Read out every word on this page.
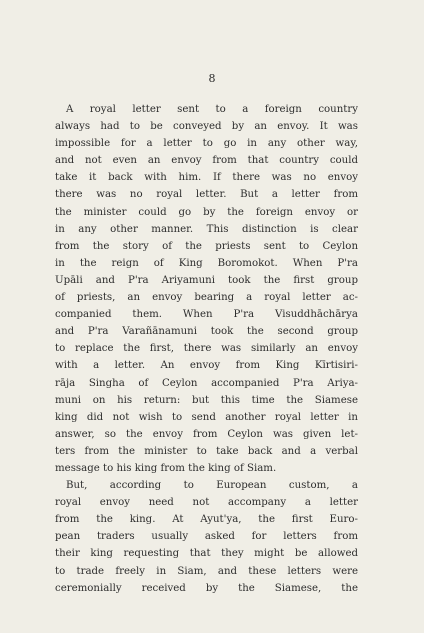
8
A royal letter sent to a foreign country
always had to be conveyed by an envoy. It was
impossible for a letter to go in any other way,
and not even an envoy from that country could
take it back with him. If there was no envoy
there was no royal letter. But a letter from
the minister could go by the foreign envoy or
in any other manner. This distinction is clear
from the story of the priests sent to Ceylon
in the reign of King Boromokot. When P'ra
Upāli and P'ra Ariyamuni took the first group
of priests, an envoy bearing a royal letter ac-
companied them. When P'ra Visuddhāchārya
and P'ra Varañānamuni took the second group
to replace the first, there was similarly an envoy
with a letter. An envoy from King Kīrtisiri-
rāja Singha of Ceylon accompanied P'ra Ariya-
muni on his return: but this time the Siamese
king did not wish to send another royal letter in
answer, so the envoy from Ceylon was given let-
ters from the minister to take back and a verbal
message to his king from the king of Siam.
But, according to European custom, a
royal envoy need not accompany a letter
from the king. At Ayut'ya, the first Euro-
pean traders usually asked for letters from
their king requesting that they might be allowed
to trade freely in Siam, and these letters were
ceremonially received by the Siamese, the
